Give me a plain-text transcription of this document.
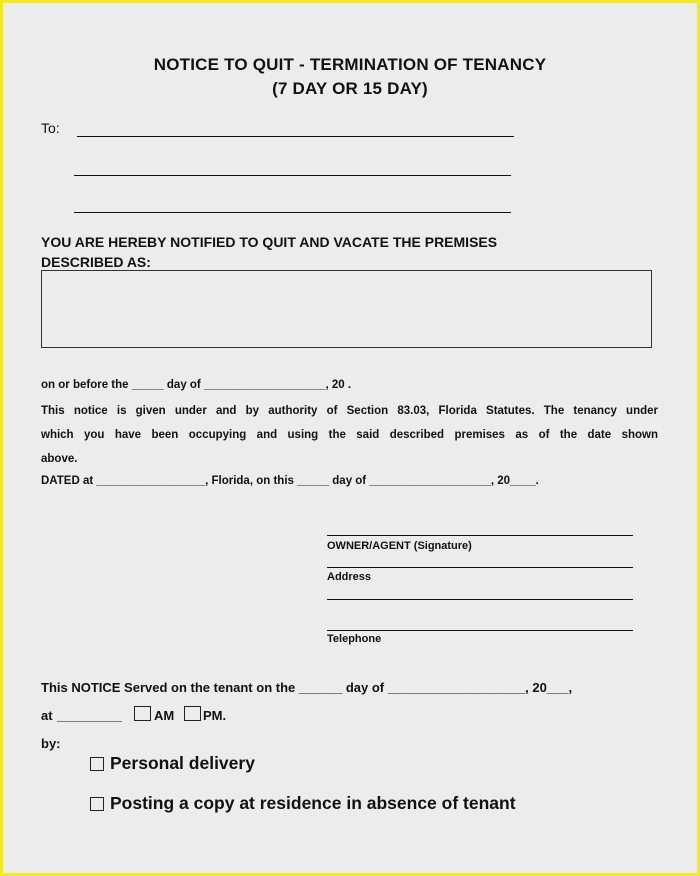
NOTICE TO QUIT - TERMINATION OF TENANCY
(7 DAY OR 15 DAY)
To:
YOU ARE HEREBY NOTIFIED TO QUIT AND VACATE THE PREMISES
DESCRIBED AS:
on or before the _____ day of ___________________, 20 .
This notice is given under and by authority of Section 83.03, Florida Statutes. The tenancy under
which you have been occupying and using the said described premises as of the date shown
above.
DATED at _________________, Florida, on this _____ day of ___________________, 20____.
OWNER/AGENT (Signature)
Address
Telephone
This NOTICE Served on the tenant on the ______ day of ___________________, 20___,
at _________ AM PM.
by:
Personal delivery
Posting a copy at residence in absence of tenant
